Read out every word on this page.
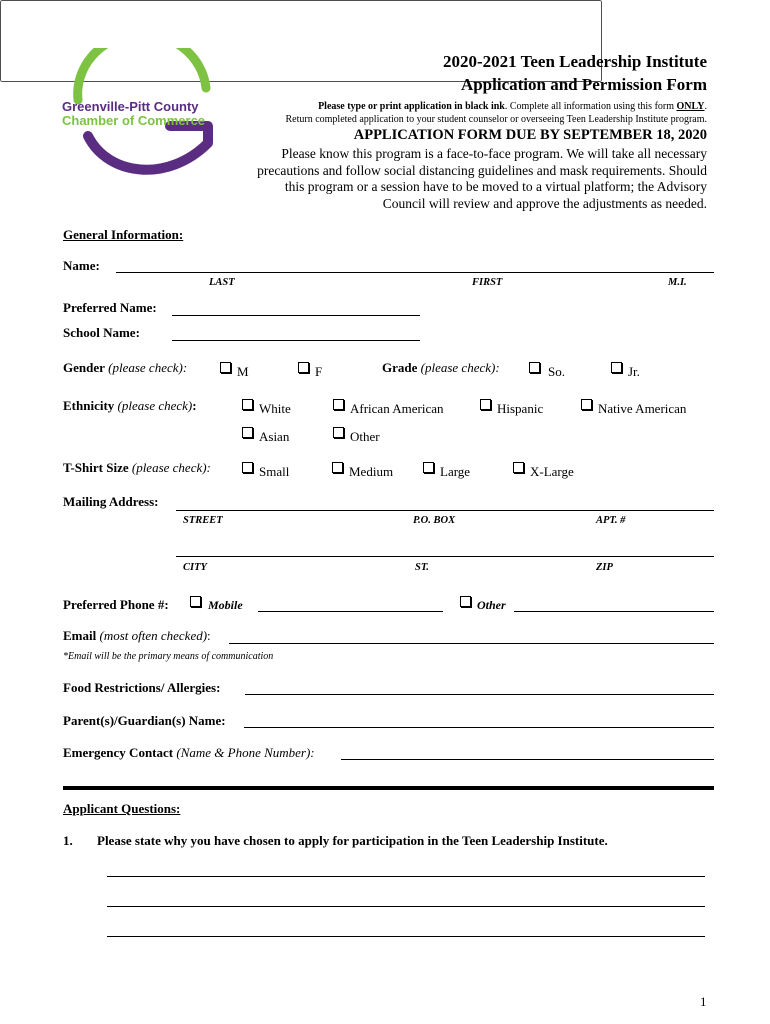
Greenville-Pitt County
Chamber of Commerce
2020-2021 Teen Leadership Institute
Application and Permission Form
Please type or print application in black ink. Complete all information using this form ONLY.
Return completed application to your student counselor or overseeing Teen Leadership Institute program.
APPLICATION FORM DUE BY SEPTEMBER 18, 2020
Please know this program is a face-to-face program. We will take all necessary
precautions and follow social distancing guidelines and mask requirements. Should
this program or a session have to be moved to a virtual platform; the Advisory
Council will review and approve the adjustments as needed.
General Information:
Name:
LAST	FIRST	M.I.
Preferred Name:
School Name:
Gender (please check):	M	F	Grade (please check):	So.	Jr.
Ethnicity (please check):	White	African American	Hispanic	Native American
Asian	Other
T-Shirt Size (please check):	Small	Medium	Large	X-Large
Mailing Address:
STREET	P.O. BOX	APT. #
CITY	ST.	ZIP
Preferred Phone #:	Mobile	Other
Email (most often checked):
*Email will be the primary means of communication
Food Restrictions/ Allergies:
Parent(s)/Guardian(s) Name:
Emergency Contact (Name & Phone Number):
Applicant Questions:
1. Please state why you have chosen to apply for participation in the Teen Leadership Institute.
1
